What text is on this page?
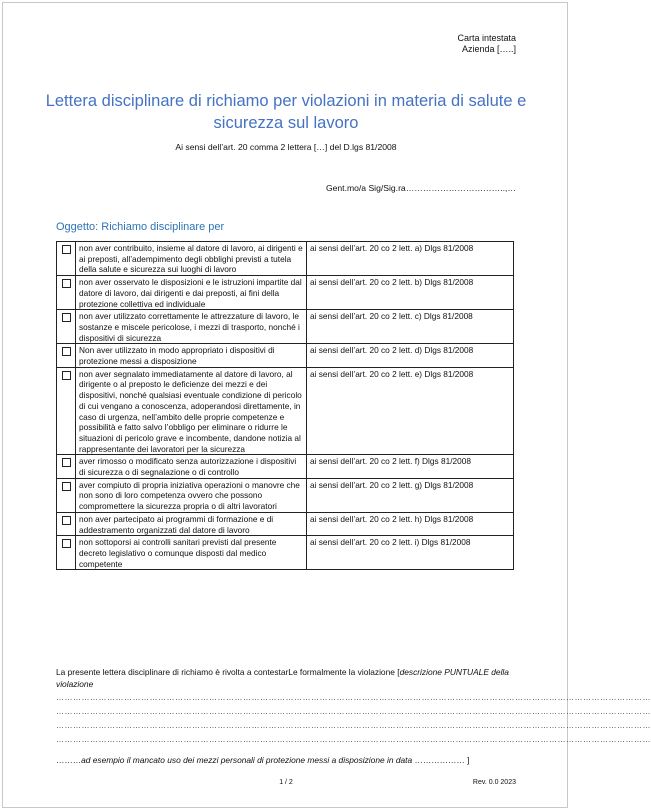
Carta intestata
Azienda […..]
Lettera disciplinare di richiamo per violazioni in materia di salute e sicurezza sul lavoro
Ai sensi dell’art. 20 comma 2 lettera […] del D.lgs 81/2008
Gent.mo/a Sig/Sig.ra……………………………..,…
Oggetto: Richiamo disciplinare per
	non aver contribuito, insieme al datore di lavoro, ai dirigenti e ai preposti, all’adempimento degli obblighi previsti a tutela della salute e sicurezza sui luoghi di lavoro	ai sensi dell’art. 20 co 2 lett. a) Dlgs 81/2008
	non aver osservato le disposizioni e le istruzioni impartite dal datore di lavoro, dai dirigenti e dai preposti, ai fini della protezione collettiva ed individuale	ai sensi dell’art. 20 co 2 lett. b) Dlgs 81/2008
	non aver utilizzato correttamente le attrezzature di lavoro, le sostanze e miscele pericolose, i mezzi di trasporto, nonché i dispositivi di sicurezza	ai sensi dell’art. 20 co 2 lett. c) Dlgs 81/2008
	Non aver utilizzato in modo appropriato i dispositivi di protezione messi a disposizione	ai sensi dell’art. 20 co 2 lett. d) Dlgs 81/2008
	non aver segnalato immediatamente al datore di lavoro, al dirigente o al preposto le deficienze dei mezzi e dei dispositivi, nonché qualsiasi eventuale condizione di pericolo di cui vengano a conoscenza, adoperandosi direttamente, in caso di urgenza, nell’ambito delle proprie competenze e possibilità e fatto salvo l’obbligo per eliminare o ridurre le situazioni di pericolo grave e incombente, dandone notizia al rappresentante dei lavoratori per la sicurezza	ai sensi dell’art. 20 co 2 lett. e) Dlgs 81/2008
	aver rimosso o modificato senza autorizzazione i dispositivi di sicurezza o di segnalazione o di controllo	ai sensi dell’art. 20 co 2 lett. f) Dlgs 81/2008
	aver compiuto di propria iniziativa operazioni o manovre che non sono di loro competenza ovvero che possono compromettere la sicurezza propria o di altri lavoratori	ai sensi dell’art. 20 co 2 lett. g) Dlgs 81/2008
	non aver partecipato ai programmi di formazione e di addestramento organizzati dal datore di lavoro	ai sensi dell’art. 20 co 2 lett. h) Dlgs 81/2008
	non sottoporsi ai controlli sanitari previsti dal presente decreto legislativo o comunque disposti dal medico competente	ai sensi dell’art. 20 co 2 lett. i) Dlgs 81/2008
La presente lettera disciplinare di richiamo è rivolta a contestarLe formalmente la violazione [descrizione PUNTUALE della violazione
…………………………………………………………………………………………………………………………………………………………………………………………
…………………………………………………………………………………………………………………………………………………………………………………………
…………………………………………………………………………………………………………………………………………………………………………………………
…………………………………………………………………………………………………………………………………………………………………………………………
………ad esempio il mancato uso dei mezzi personali di protezione messi a disposizione in data ……………… ]
1 / 2	Rev. 0.0 2023
